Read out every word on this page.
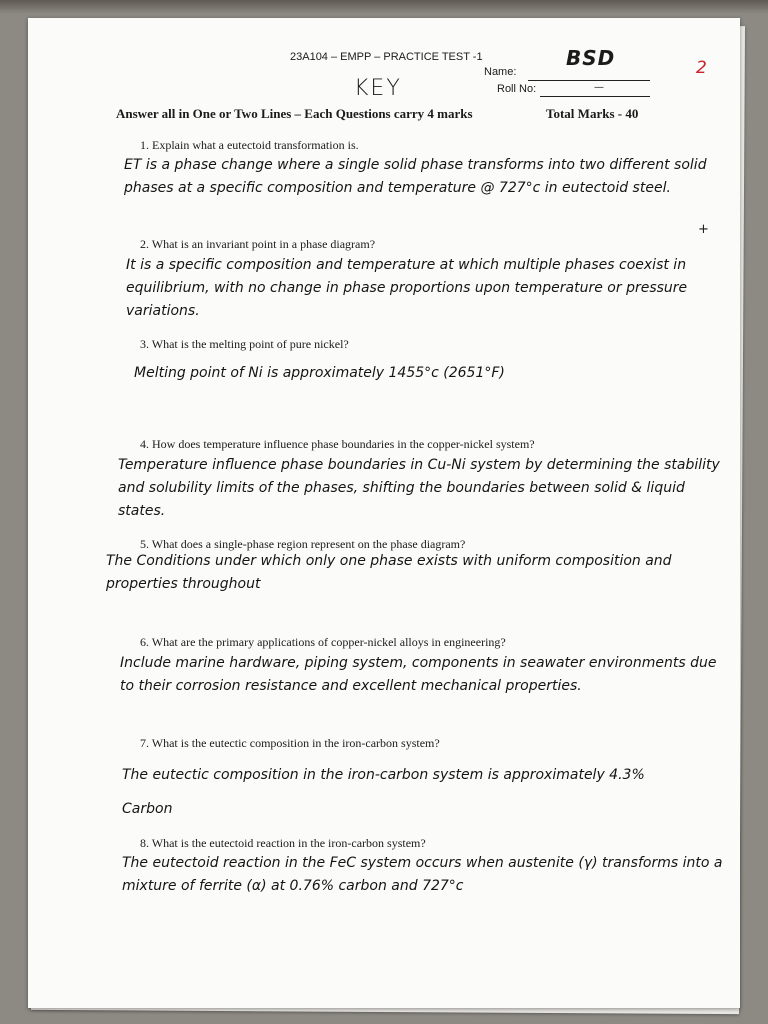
23A104 – EMPP – PRACTICE TEST -1
KEY
Name:
BSD
Roll No:	—
2
Answer all in One or Two Lines – Each Questions carry 4 marks	Total Marks - 40
1. Explain what a eutectoid transformation is.
ET is a phase change where a single solid phase transforms into two different solid phases at a specific composition and temperature @ 727°c in eutectoid steel.
+
2. What is an invariant point in a phase diagram?
It is a specific composition and temperature at which multiple phases coexist in equilibrium, with no change in phase proportions upon temperature or pressure variations.
3. What is the melting point of pure nickel?
Melting point of Ni is approximately 1455°c (2651°F)
4. How does temperature influence phase boundaries in the copper-nickel system?
Temperature influence phase boundaries in Cu-Ni system by determining the stability and solubility limits of the phases, shifting the boundaries between solid & liquid states.
5. What does a single-phase region represent on the phase diagram?
The Conditions under which only one phase exists with uniform composition and properties throughout
6. What are the primary applications of copper-nickel alloys in engineering?
Include marine hardware, piping system, components in seawater environments due to their corrosion resistance and excellent mechanical properties.
7. What is the eutectic composition in the iron-carbon system?
The eutectic composition in the iron-carbon system is approximately 4.3% Carbon
8. What is the eutectoid reaction in the iron-carbon system?
The eutectoid reaction in the FeC system occurs when austenite (γ) transforms into a mixture of ferrite (α) at 0.76% carbon and 727°c
